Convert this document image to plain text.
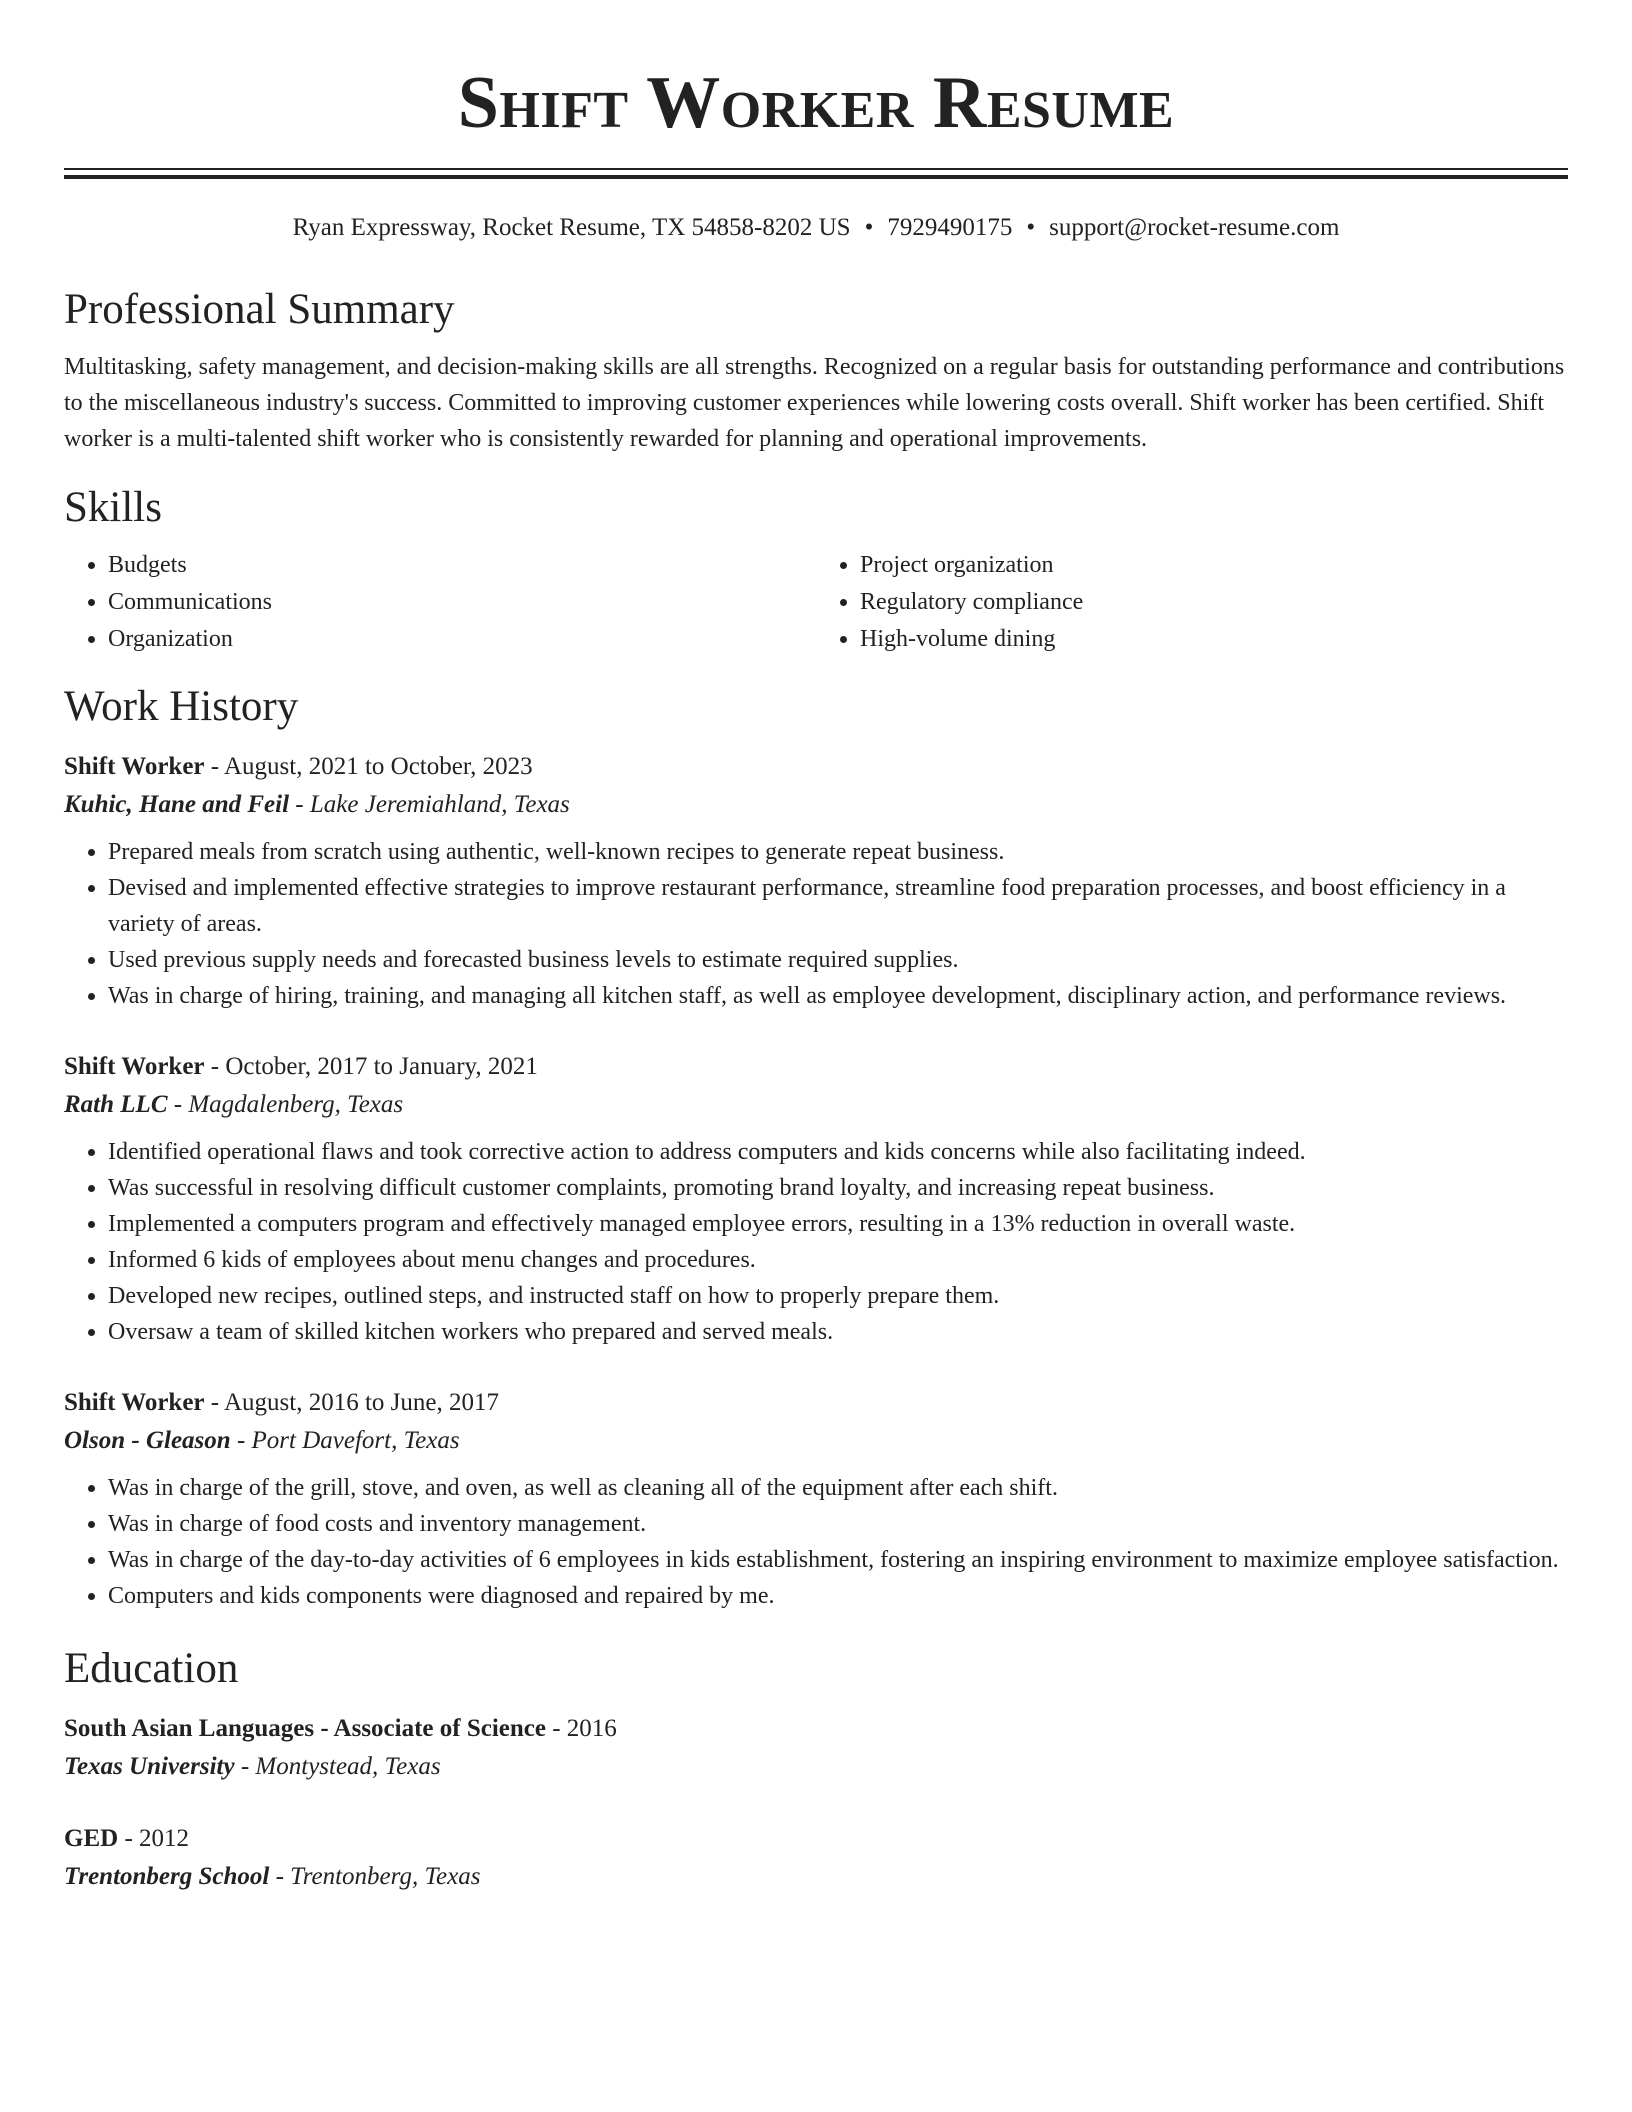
Shift Worker Resume
Ryan Expressway, Rocket Resume, TX 54858-8202 US • 7929490175 • support@rocket-resume.com
Professional Summary
Multitasking, safety management, and decision-making skills are all strengths. Recognized on a regular basis for outstanding performance and contributions to the miscellaneous industry's success. Committed to improving customer experiences while lowering costs overall. Shift worker has been certified. Shift worker is a multi-talented shift worker who is consistently rewarded for planning and operational improvements.
Skills
• Budgets
• Communications
• Organization
• Project organization
• Regulatory compliance
• High-volume dining
Work History
Shift Worker - August, 2021 to October, 2023
Kuhic, Hane and Feil - Lake Jeremiahland, Texas
• Prepared meals from scratch using authentic, well-known recipes to generate repeat business.
• Devised and implemented effective strategies to improve restaurant performance, streamline food preparation processes, and boost efficiency in a variety of areas.
• Used previous supply needs and forecasted business levels to estimate required supplies.
• Was in charge of hiring, training, and managing all kitchen staff, as well as employee development, disciplinary action, and performance reviews.
Shift Worker - October, 2017 to January, 2021
Rath LLC - Magdalenberg, Texas
• Identified operational flaws and took corrective action to address computers and kids concerns while also facilitating indeed.
• Was successful in resolving difficult customer complaints, promoting brand loyalty, and increasing repeat business.
• Implemented a computers program and effectively managed employee errors, resulting in a 13% reduction in overall waste.
• Informed 6 kids of employees about menu changes and procedures.
• Developed new recipes, outlined steps, and instructed staff on how to properly prepare them.
• Oversaw a team of skilled kitchen workers who prepared and served meals.
Shift Worker - August, 2016 to June, 2017
Olson - Gleason - Port Davefort, Texas
• Was in charge of the grill, stove, and oven, as well as cleaning all of the equipment after each shift.
• Was in charge of food costs and inventory management.
• Was in charge of the day-to-day activities of 6 employees in kids establishment, fostering an inspiring environment to maximize employee satisfaction.
• Computers and kids components were diagnosed and repaired by me.
Education
South Asian Languages - Associate of Science - 2016
Texas University - Montystead, Texas
GED - 2012
Trentonberg School - Trentonberg, Texas
